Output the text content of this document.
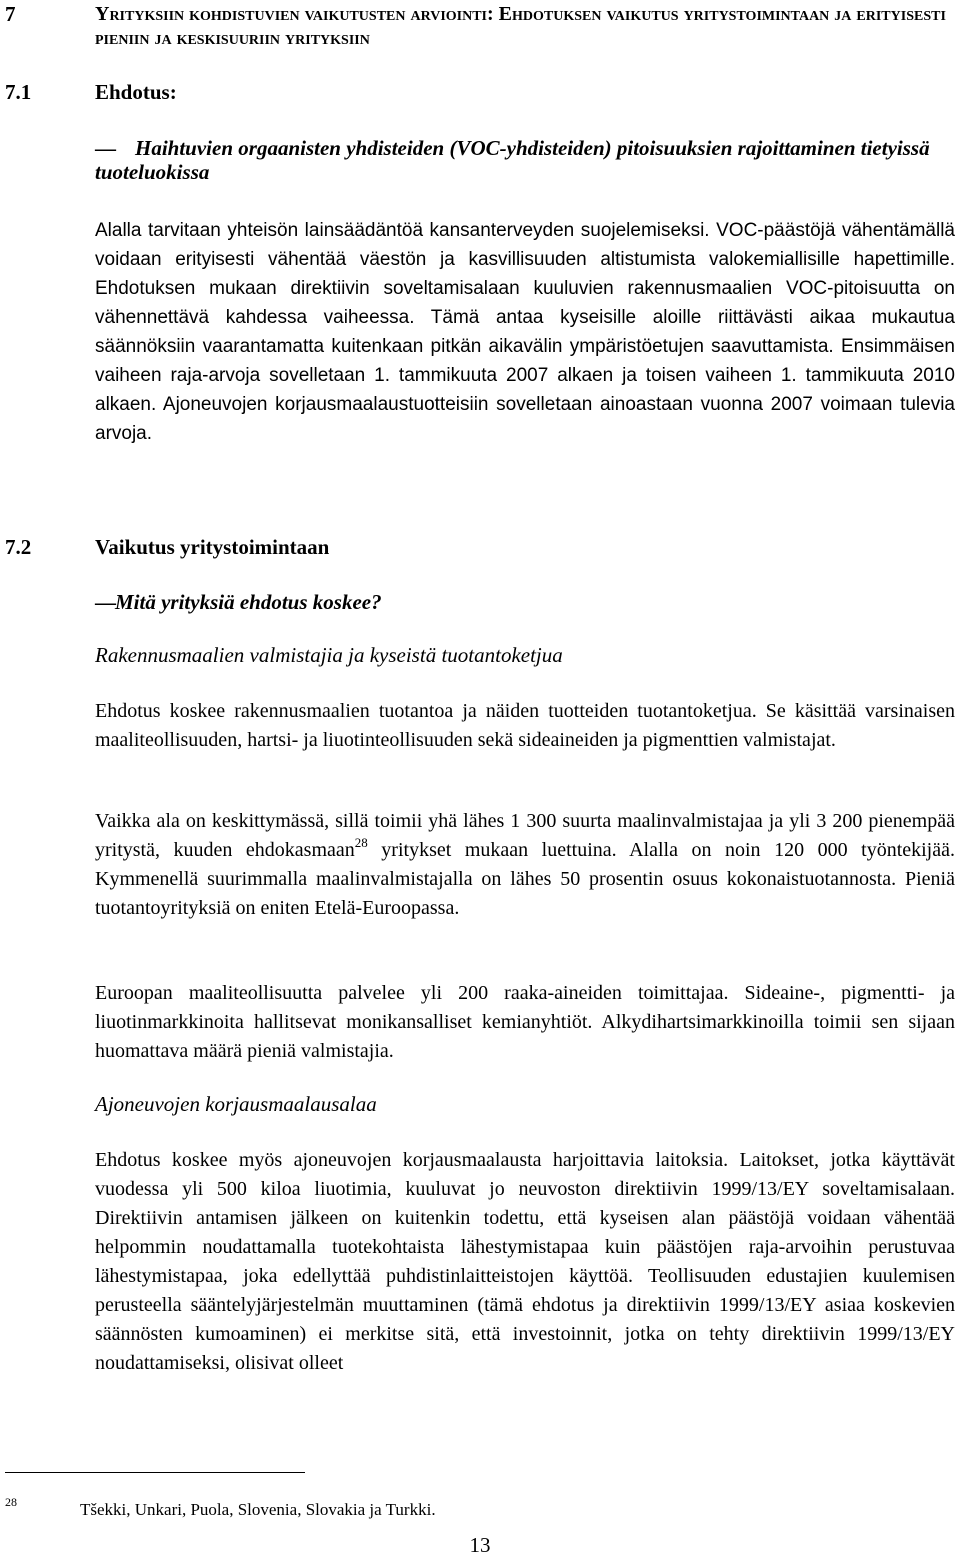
7	Yrityksiin kohdistuvien vaikutusten arviointi: Ehdotuksen vaikutus yritystoimintaan ja erityisesti pieniin ja keskisuuriin yrityksiin
7.1	Ehdotus:
— Haihtuvien orgaanisten yhdisteiden (VOC-yhdisteiden) pitoisuuksien rajoittaminen tietyissä tuoteluokissa

Alalla tarvitaan yhteisön lainsäädäntöä kansanterveyden suojelemiseksi. VOC-päästöjä vähentämällä voidaan erityisesti vähentää väestön ja kasvillisuuden altistumista valokemiallisille hapettimille. Ehdotuksen mukaan direktiivin soveltamisalaan kuuluvien rakennusmaalien VOC-pitoisuutta on vähennettävä kahdessa vaiheessa. Tämä antaa kyseisille aloille riittävästi aikaa mukautua säännöksiin vaarantamatta kuitenkaan pitkän aikavälin ympäristöetujen saavuttamista. Ensimmäisen vaiheen raja-arvoja sovelletaan 1. tammikuuta 2007 alkaen ja toisen vaiheen 1. tammikuuta 2010 alkaen. Ajoneuvojen korjausmaalaustuotteisiin sovelletaan ainoastaan vuonna 2007 voimaan tulevia arvoja.

7.2	Vaikutus yritystoimintaan
—Mitä yrityksiä ehdotus koskee?
Rakennusmaalien valmistajia ja kyseistä tuotantoketjua

Ehdotus koskee rakennusmaalien tuotantoa ja näiden tuotteiden tuotantoketjua. Se käsittää varsinaisen maaliteollisuuden, hartsi- ja liuotinteollisuuden sekä sideaineiden ja pigmenttien valmistajat.

Vaikka ala on keskittymässä, sillä toimii yhä lähes 1 300 suurta maalinvalmistajaa ja yli 3 200 pienempää yritystä, kuuden ehdokasmaan$^{28}$ yritykset mukaan luettuina. Alalla on noin 120 000 työntekijää. Kymmenellä suurimmalla maalinvalmistajalla on lähes 50 prosentin osuus kokonaistuotannosta. Pieniä tuotantoyrityksiä on eniten Etelä-Euroopassa.

Euroopan maaliteollisuutta palvelee yli 200 raaka-aineiden toimittajaa. Sideaine-, pigmentti- ja liuotinmarkkinoita hallitsevat monikansalliset kemianyhtiöt. Alkydihartsimarkkinoilla toimii sen sijaan huomattava määrä pieniä valmistajia.

Ajoneuvojen korjausmaalausalaa

Ehdotus koskee myös ajoneuvojen korjausmaalausta harjoittavia laitoksia. Laitokset, jotka käyttävät vuodessa yli 500 kiloa liuotimia, kuuluvat jo neuvoston direktiivin 1999/13/EY soveltamisalaan. Direktiivin antamisen jälkeen on kuitenkin todettu, että kyseisen alan päästöjä voidaan vähentää helpommin noudattamalla tuotekohtaista lähestymistapaa kuin päästöjen raja-arvoihin perustuvaa lähestymistapaa, joka edellyttää puhdistinlaitteistojen käyttöä. Teollisuuden edustajien kuulemisen perusteella sääntelyjärjestelmän muuttaminen (tämä ehdotus ja direktiivin 1999/13/EY asiaa koskevien säännösten kumoaminen) ei merkitse sitä, että investoinnit, jotka on tehty direktiivin 1999/13/EY noudattamiseksi, olisivat olleet

28	Tšekki, Unkari, Puola, Slovenia, Slovakia ja Turkki.
13
